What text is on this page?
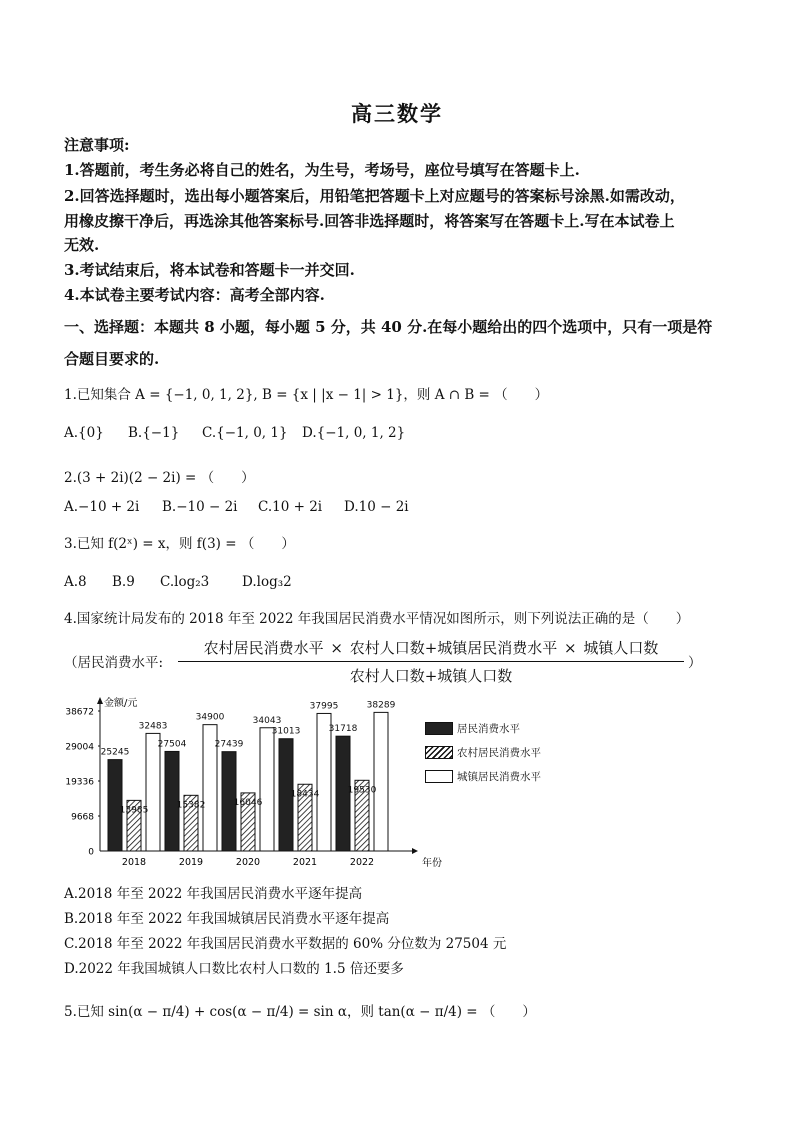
高三数学
注意事项:
1.答题前，考生务必将自己的姓名，为生号，考场号，座位号填写在答题卡上.
2.回答选择题时，选出每小题答案后，用铅笔把答题卡上对应题号的答案标号涂黑.如需改动，
用橡皮擦干净后，再选涂其他答案标号.回答非选择题时，将答案写在答题卡上.写在本试卷上
无效.
3.考试结束后，将本试卷和答题卡一并交回.
4.本试卷主要考试内容：高考全部内容.
一、选择题：本题共 8 小题，每小题 5 分，共 40 分.在每小题给出的四个选项中，只有一项是符
合题目要求的.
1.已知集合 A = {−1, 0, 1, 2}, B = {x | |x − 1| > 1}，则 A ∩ B = （　　）
A.{0} B.{−1} C.{−1, 0, 1} D.{−1, 0, 1, 2}
2.(3 + 2i)(2 − 2i) = （　　）
A.−10 + 2i B.−10 − 2i C.10 + 2i D.10 − 2i
3.已知 f(2ˣ) = x，则 f(3) = （　　）
A.8 B.9 C.log₂3 D.log₃2
4.国家统计局发布的 2018 年至 2022 年我国居民消费水平情况如图所示，则下列说法正确的是（　　）
（居民消费水平:
农村居民消费水平 × 农村人口数+城镇居民消费水平 × 城镇人口数
农村人口数+城镇人口数
）
金额/元
年份
0
9668
19336
29004
38672
25245
13985
32483
2018
27504
15382
34900
2019
27439
16046
34043
2020
31013
18434
37995
2021
31718
19530
38289
2022
居民消费水平
农村居民消费水平
城镇居民消费水平
A.2018 年至 2022 年我国居民消费水平逐年提高
B.2018 年至 2022 年我国城镇居民消费水平逐年提高
C.2018 年至 2022 年我国居民消费水平数据的 60% 分位数为 27504 元
D.2022 年我国城镇人口数比农村人口数的 1.5 倍还要多
5.已知 sin(α − π/4) + cos(α − π/4) = sin α，则 tan(α − π/4) = （　　）
